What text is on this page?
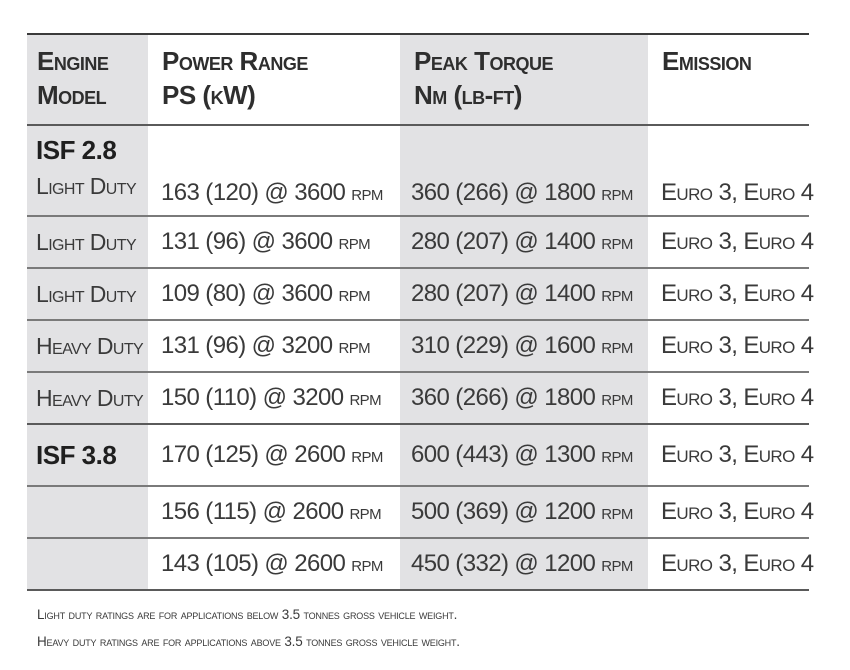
Engine
Model
Power Range
PS (kW)
Peak Torque
Nm (lb-ft)
Emission
ISF 2.8
Light Duty 163 (120) @ 3600 rpm 360 (266) @ 1800 rpm Euro 3, Euro 4
Light Duty 131 (96) @ 3600 rpm 280 (207) @ 1400 rpm Euro 3, Euro 4
Light Duty 109 (80) @ 3600 rpm 280 (207) @ 1400 rpm Euro 3, Euro 4
Heavy Duty 131 (96) @ 3200 rpm 310 (229) @ 1600 rpm Euro 3, Euro 4
Heavy Duty 150 (110) @ 3200 rpm 360 (266) @ 1800 rpm Euro 3, Euro 4
ISF 3.8 170 (125) @ 2600 rpm 600 (443) @ 1300 rpm Euro 3, Euro 4
156 (115) @ 2600 rpm 500 (369) @ 1200 rpm Euro 3, Euro 4
143 (105) @ 2600 rpm 450 (332) @ 1200 rpm Euro 3, Euro 4
Light duty ratings are for applications below 3.5 tonnes gross vehicle weight.
Heavy duty ratings are for applications above 3.5 tonnes gross vehicle weight.
